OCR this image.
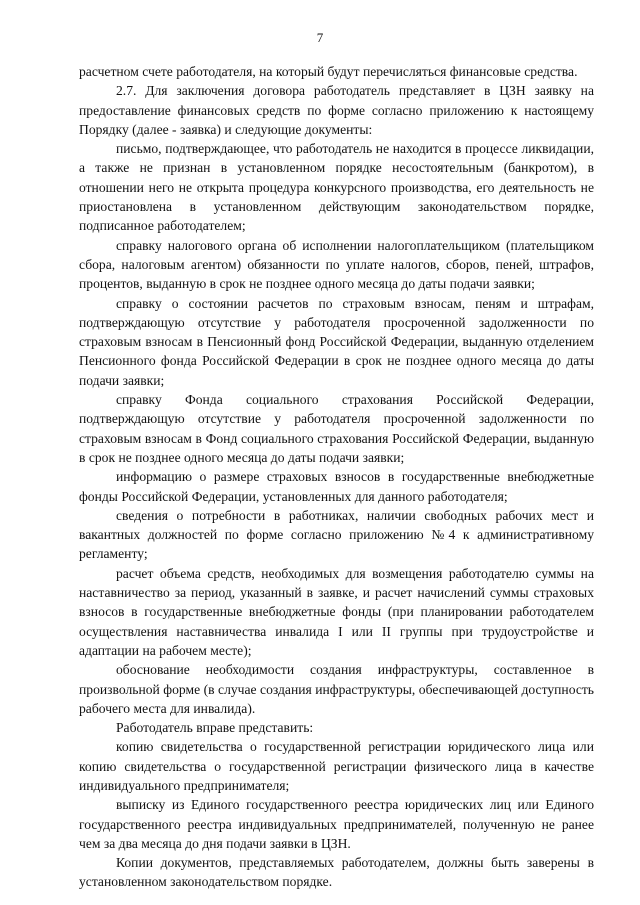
7

расчетном счете работодателя, на который будут перечисляться финансовые средства.

2.7. Для заключения договора работодатель представляет в ЦЗН заявку на предоставление финансовых средств по форме согласно приложению к настоящему Порядку (далее - заявка) и следующие документы:

письмо, подтверждающее, что работодатель не находится в процессе ликвидации, а также не признан в установленном порядке несостоятельным (банкротом), в отношении него не открыта процедура конкурсного производства, его деятельность не приостановлена в установленном действующим законодательством порядке, подписанное работодателем;

справку налогового органа об исполнении налогоплательщиком (плательщиком сбора, налоговым агентом) обязанности по уплате налогов, сборов, пеней, штрафов, процентов, выданную в срок не позднее одного месяца до даты подачи заявки;

справку о состоянии расчетов по страховым взносам, пеням и штрафам, подтверждающую отсутствие у работодателя просроченной задолженности по страховым взносам в Пенсионный фонд Российской Федерации, выданную отделением Пенсионного фонда Российской Федерации в срок не позднее одного месяца до даты подачи заявки;

справку Фонда социального страхования Российской Федерации, подтверждающую отсутствие у работодателя просроченной задолженности по страховым взносам в Фонд социального страхования Российской Федерации, выданную в срок не позднее одного месяца до даты подачи заявки;

информацию о размере страховых взносов в государственные внебюджетные фонды Российской Федерации, установленных для данного работодателя;

сведения о потребности в работниках, наличии свободных рабочих мест и вакантных должностей по форме согласно приложению №4 к административному регламенту;

расчет объема средств, необходимых для возмещения работодателю суммы на наставничество за период, указанный в заявке, и расчет начислений суммы страховых взносов в государственные внебюджетные фонды (при планировании работодателем осуществления наставничества инвалида I или II группы при трудоустройстве и адаптации на рабочем месте);

обоснование необходимости создания инфраструктуры, составленное в произвольной форме (в случае создания инфраструктуры, обеспечивающей доступность рабочего места для инвалида).

Работодатель вправе представить:

копию свидетельства о государственной регистрации юридического лица или копию свидетельства о государственной регистрации физического лица в качестве индивидуального предпринимателя;

выписку из Единого государственного реестра юридических лиц или Единого государственного реестра индивидуальных предпринимателей, полученную не ранее чем за два месяца до дня подачи заявки в ЦЗН.

Копии документов, представляемых работодателем, должны быть заверены в установленном законодательством порядке.
